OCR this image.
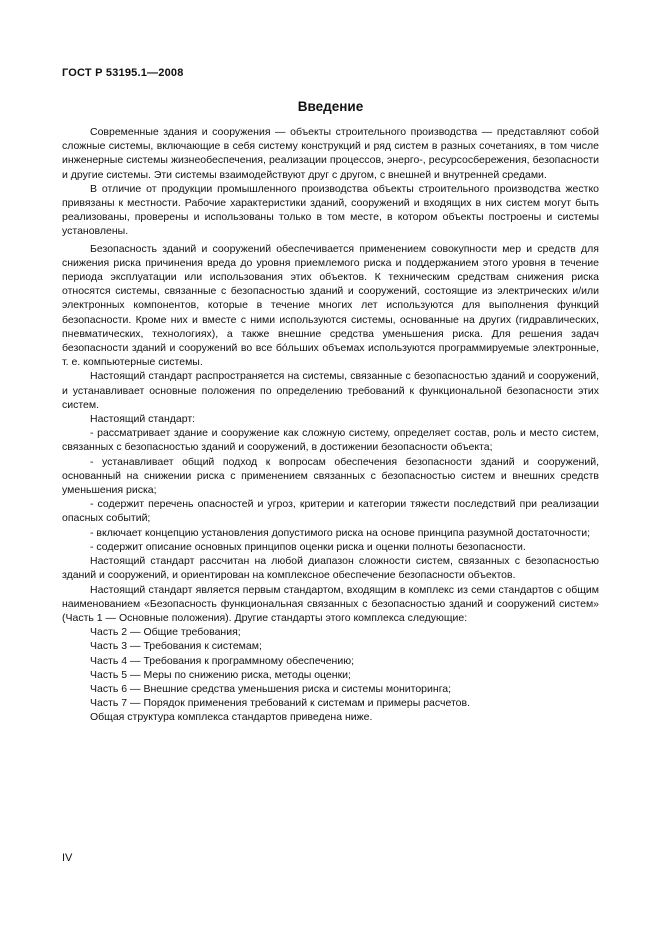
ГОСТ Р 53195.1—2008
Введение

Современные здания и сооружения — объекты строительного производства — представляют собой сложные системы, включающие в себя систему конструкций и ряд систем в разных сочетаниях, в том числе инженерные системы жизнеобеспечения, реализации процессов, энерго-, ресурсосбережения, безопасности и другие системы. Эти системы взаимодействуют друг с другом, с внешней и внутренней средами.

В отличие от продукции промышленного производства объекты строительного производства жестко привязаны к местности. Рабочие характеристики зданий, сооружений и входящих в них систем могут быть реализованы, проверены и использованы только в том месте, в котором объекты построены и системы установлены.

Безопасность зданий и сооружений обеспечивается применением совокупности мер и средств для снижения риска причинения вреда до уровня приемлемого риска и поддержанием этого уровня в течение периода эксплуатации или использования этих объектов. К техническим средствам снижения риска относятся системы, связанные с безопасностью зданий и сооружений, состоящие из электрических и/или электронных компонентов, которые в течение многих лет используются для выполнения функций безопасности. Кроме них и вместе с ними используются системы, основанные на других (гидравлических, пневматических, технологиях), а также внешние средства уменьшения риска. Для решения задач безопасности зданий и сооружений во все бóльших объемах используются программируемые электронные, т. е. компьютерные системы.

Настоящий стандарт распространяется на системы, связанные с безопасностью зданий и сооружений, и устанавливает основные положения по определению требований к функциональной безопасности этих систем.

Настоящий стандарт:

- рассматривает здание и сооружение как сложную систему, определяет состав, роль и место систем, связанных с безопасностью зданий и сооружений, в достижении безопасности объекта;

- устанавливает общий подход к вопросам обеспечения безопасности зданий и сооружений, основанный на снижении риска с применением связанных с безопасностью систем и внешних средств уменьшения риска;

- содержит перечень опасностей и угроз, критерии и категории тяжести последствий при реализации опасных событий;

- включает концепцию установления допустимого риска на основе принципа разумной достаточности;

- содержит описание основных принципов оценки риска и оценки полноты безопасности.

Настоящий стандарт рассчитан на любой диапазон сложности систем, связанных с безопасностью зданий и сооружений, и ориентирован на комплексное обеспечение безопасности объектов.

Настоящий стандарт является первым стандартом, входящим в комплекс из семи стандартов с общим наименованием «Безопасность функциональная связанных с безопасностью зданий и сооружений систем» (Часть 1 — Основные положения). Другие стандарты этого комплекса следующие:

Часть 2 — Общие требования;

Часть 3 — Требования к системам;

Часть 4 — Требования к программному обеспечению;

Часть 5 — Меры по снижению риска, методы оценки;

Часть 6 — Внешние средства уменьшения риска и системы мониторинга;

Часть 7 — Порядок применения требований к системам и примеры расчетов.

Общая структура комплекса стандартов приведена ниже.

IV
